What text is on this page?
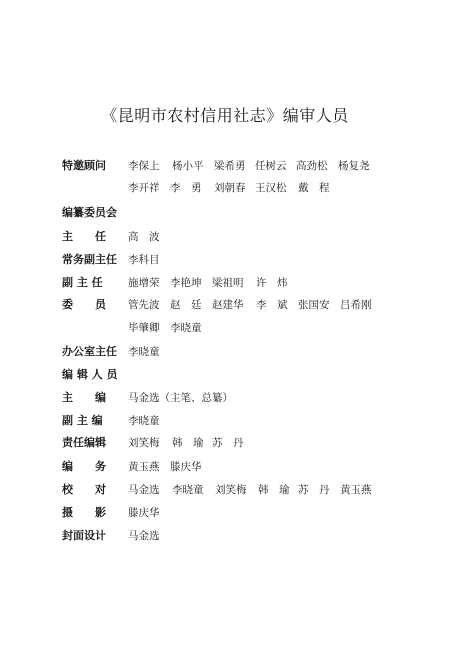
《昆明市农村信用社志》编审人员
特邀顾问 李保上 杨小平 梁希勇 任树云 高劲松 杨复尧
李开祥 李　勇 刘朝春 王汉松 戴　程
编纂委员会
主　　任 高　波
常务副主任 李科目
副 主 任 施增荣 李艳坤 梁祖明 许　炜
委　　员 管先波 赵　廷 赵建华 李　斌 张国安 吕希刚
毕肇卿 李晓童
办公室主任 李晓童
编 辑 人 员
主　　编 马金选（主笔、总纂）
副 主 编 李晓童
责任编辑 刘笑梅 韩　瑜 苏　丹
编　　务 黄玉燕　滕庆华
校　　对 马金选 李晓童 刘笑梅 韩　瑜 苏　丹 黄玉燕
摄　　影 滕庆华
封面设计 马金选
